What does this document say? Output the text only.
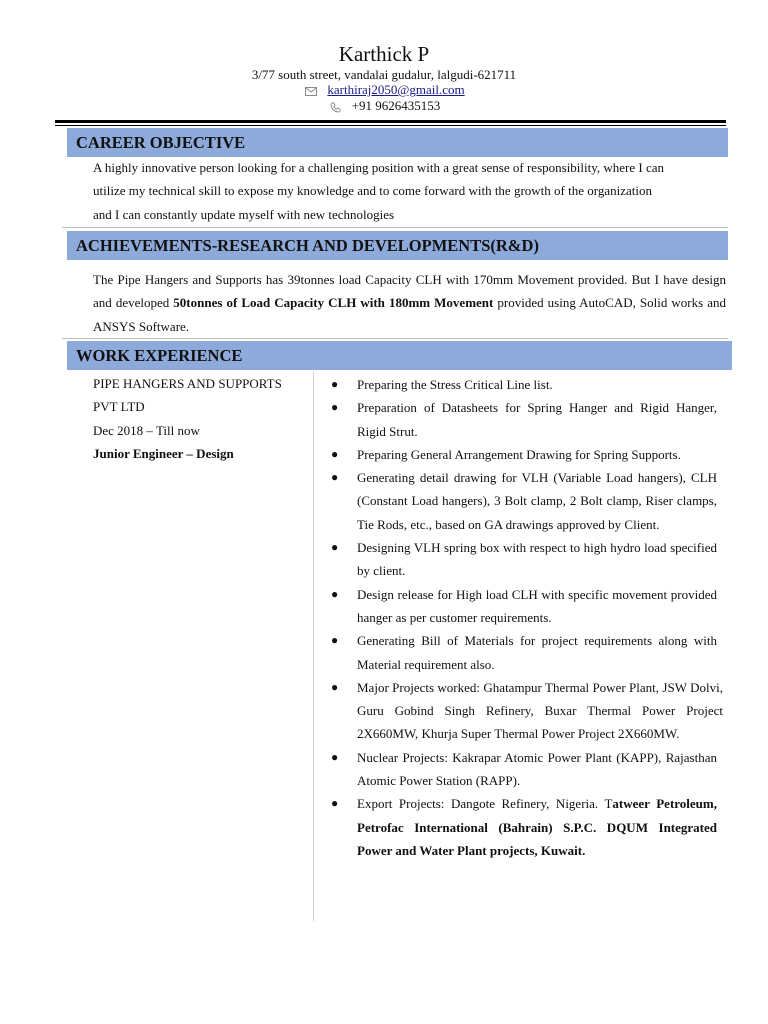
Karthick P
3/77 south street, vandalai gudalur, lalgudi-621711
karthiraj2050@gmail.com
+91 9626435153
CAREER OBJECTIVE
A highly innovative person looking for a challenging position with a great sense of responsibility, where I can
utilize my technical skill to expose my knowledge and to come forward with the growth of the organization
and I can constantly update myself with new technologies
ACHIEVEMENTS-RESEARCH AND DEVELOPMENTS(R&D)
The Pipe Hangers and Supports has 39tonnes load Capacity CLH with 170mm Movement provided. But I have design and developed 50tonnes of Load Capacity CLH with 180mm Movement provided using AutoCAD, Solid works and ANSYS Software.
WORK EXPERIENCE
PIPE HANGERS AND SUPPORTS
PVT LTD
Dec 2018 – Till now
Junior Engineer – Design
● Preparing the Stress Critical Line list.
● Preparation of Datasheets for Spring Hanger and Rigid Hanger, Rigid Strut.
● Preparing General Arrangement Drawing for Spring Supports.
● Generating detail drawing for VLH (Variable Load hangers), CLH (Constant Load hangers), 3 Bolt clamp, 2 Bolt clamp, Riser clamps, Tie Rods, etc., based on GA drawings approved by Client.
● Designing VLH spring box with respect to high hydro load specified by client.
● Design release for High load CLH with specific movement provided hanger as per customer requirements.
● Generating Bill of Materials for project requirements along with Material requirement also.
● Major Projects worked: Ghatampur Thermal Power Plant, JSW Dolvi, Guru Gobind Singh Refinery, Buxar Thermal Power Project 2X660MW, Khurja Super Thermal Power Project 2X660MW.
● Nuclear Projects: Kakrapar Atomic Power Plant (KAPP), Rajasthan Atomic Power Station (RAPP).
● Export Projects: Dangote Refinery, Nigeria. Tatweer Petroleum, Petrofac International (Bahrain) S.P.C. DQUM Integrated Power and Water Plant projects, Kuwait.
